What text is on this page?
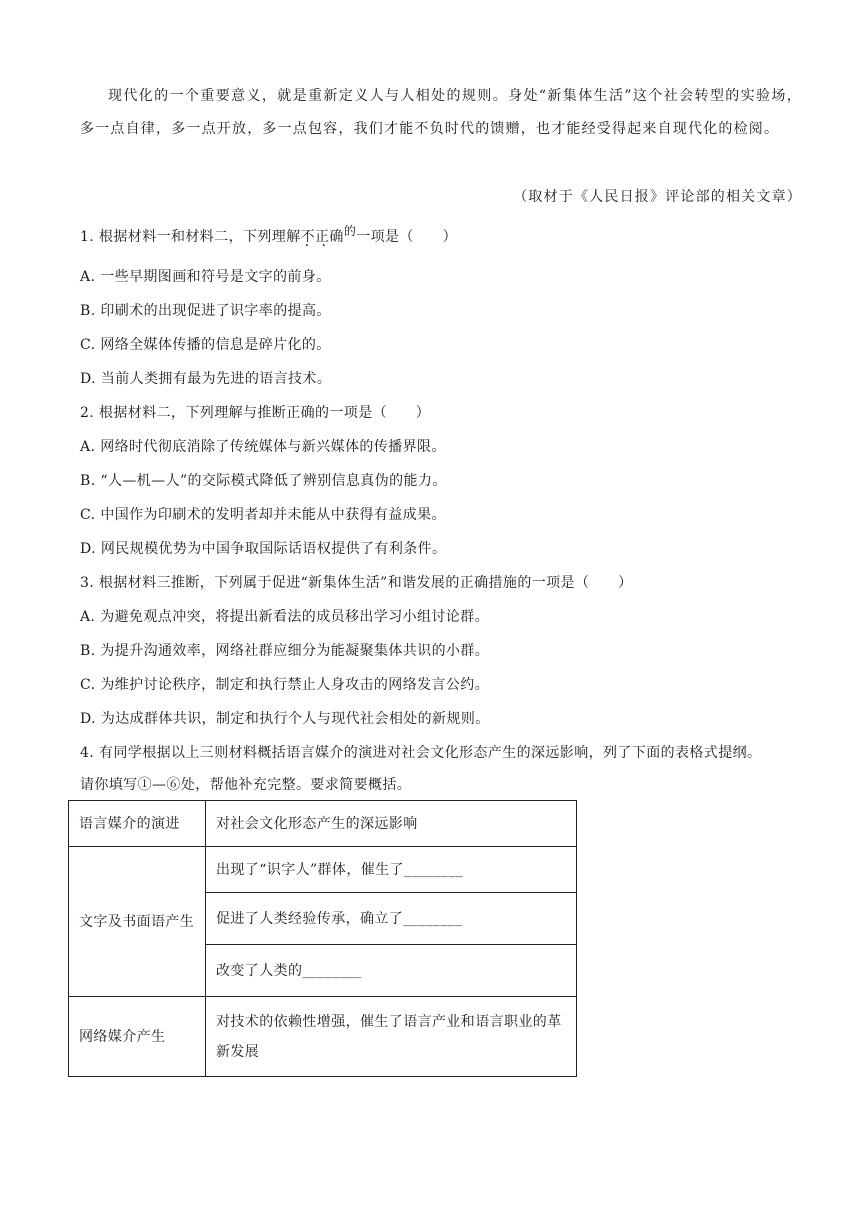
现代化的一个重要意义，就是重新定义人与人相处的规则。身处“新集体生活”这个社会转型的实验场，多一点自律，多一点开放，多一点包容，我们才能不负时代的馈赠，也才能经受得起来自现代化的检阅。
（取材于《人民日报》评论部的相关文章）
1. 根据材料一和材料二，下列理解不正确 · ·的一项是（　　）
A. 一些早期图画和符号是文字的前身。
B. 印刷术的出现促进了识字率的提高。
C. 网络全媒体传播的信息是碎片化的。
D. 当前人类拥有最为先进的语言技术。
2. 根据材料二，下列理解与推断正确的一项是（　　）
A. 网络时代彻底消除了传统媒体与新兴媒体的传播界限。
B. “人—机—人”的交际模式降低了辨别信息真伪的能力。
C. 中国作为印刷术的发明者却并未能从中获得有益成果。
D. 网民规模优势为中国争取国际话语权提供了有利条件。
3. 根据材料三推断，下列属于促进“新集体生活”和谐发展的正确措施的一项是（　　）
A. 为避免观点冲突，将提出新看法的成员移出学习小组讨论群。
B. 为提升沟通效率，网络社群应细分为能凝聚集体共识的小群。
C. 为维护讨论秩序，制定和执行禁止人身攻击的网络发言公约。
D. 为达成群体共识，制定和执行个人与现代社会相处的新规则。
4. 有同学根据以上三则材料概括语言媒介的演进对社会文化形态产生的深远影响，列了下面的表格式提纲。
请你填写①—⑥处，帮他补充完整。要求简要概括。
语言媒介的演进	对社会文化形态产生的深远影响
文字及书面语产生	出现了“识字人”群体，催生了________
	促进了人类经验传承，确立了________
	改变了人类的________
网络媒介产生	对技术的依赖性增强，催生了语言产业和语言职业的革新发展
